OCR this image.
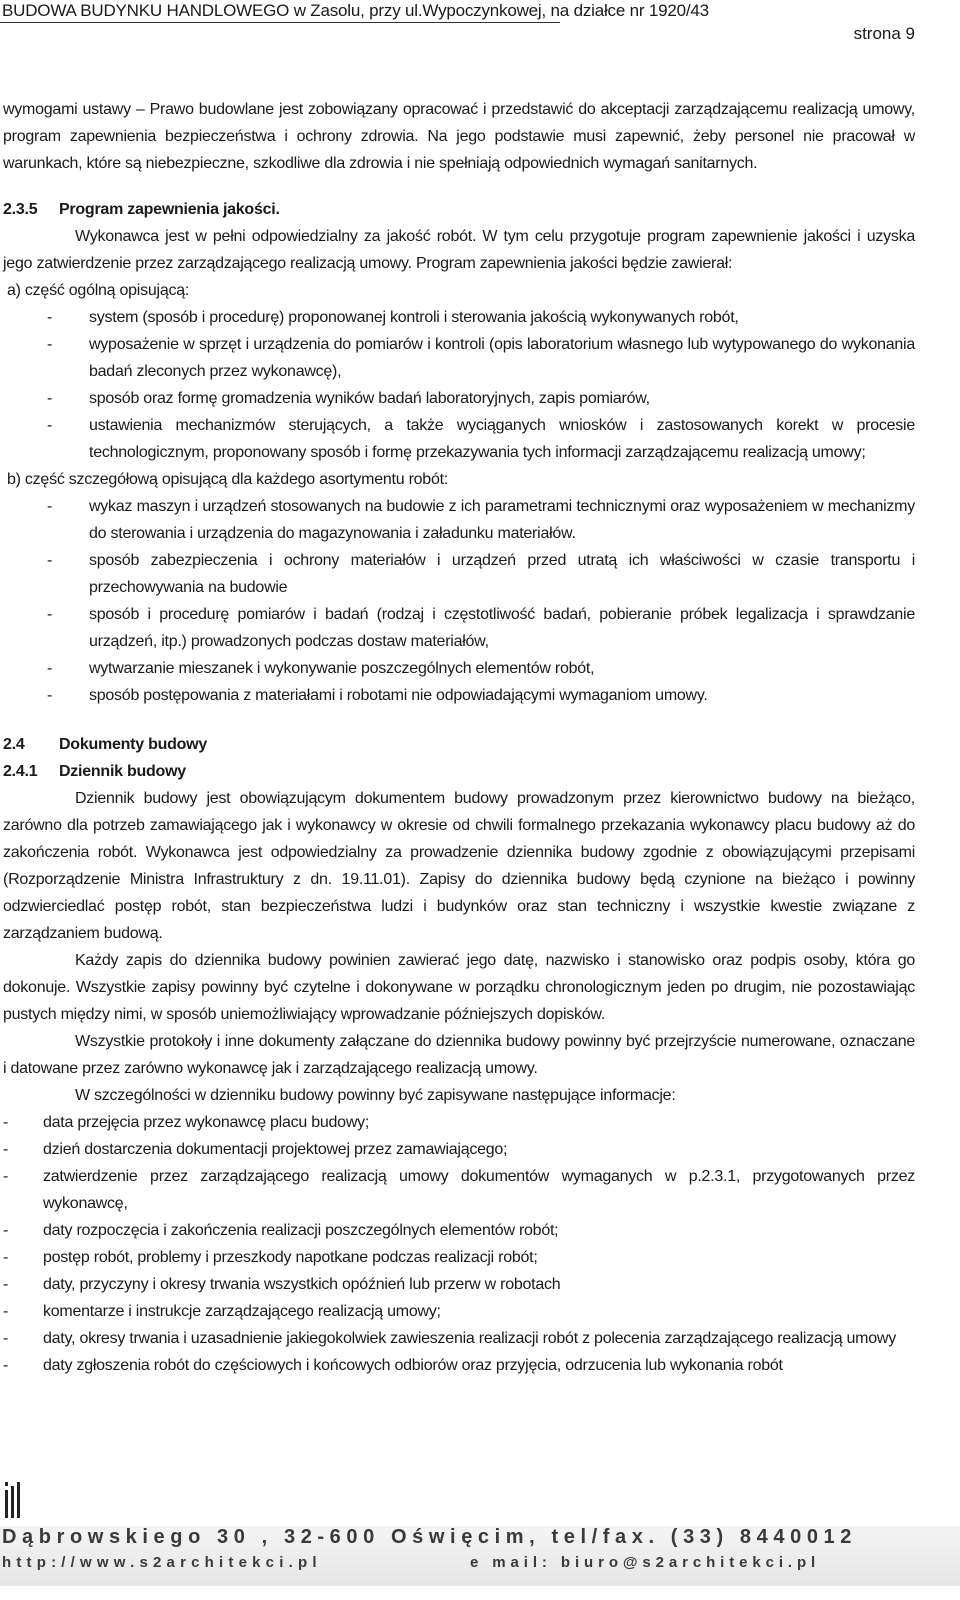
BUDOWA BUDYNKU HANDLOWEGO w Zasolu, przy ul.Wypoczynkowej, na działce nr 1920/43
strona 9

wymogami ustawy – Prawo budowlane jest zobowiązany opracować i przedstawić do akceptacji zarządzającemu realizacją umowy, program zapewnienia bezpieczeństwa i ochrony zdrowia. Na jego podstawie musi zapewnić, żeby personel nie pracował w warunkach, które są niebezpieczne, szkodliwe dla zdrowia i nie spełniają odpowiednich wymagań sanitarnych.

2.3.5 Program zapewnienia jakości.

Wykonawca jest w pełni odpowiedzialny za jakość robót. W tym celu przygotuje program zapewnienie jakości i uzyska jego zatwierdzenie przez zarządzającego realizacją umowy. Program zapewnienia jakości będzie zawierał:

a) część ogólną opisującą:

- system (sposób i procedurę) proponowanej kontroli i sterowania jakością wykonywanych robót,
- wyposażenie w sprzęt i urządzenia do pomiarów i kontroli (opis laboratorium własnego lub wytypowanego do wykonania badań zleconych przez wykonawcę),
- sposób oraz formę gromadzenia wyników badań laboratoryjnych, zapis pomiarów,
- ustawienia mechanizmów sterujących, a także wyciąganych wniosków i zastosowanych korekt w procesie technologicznym, proponowany sposób i formę przekazywania tych informacji zarządzającemu realizacją umowy;

b) część szczegółową opisującą dla każdego asortymentu robót:

- wykaz maszyn i urządzeń stosowanych na budowie z ich parametrami technicznymi oraz wyposażeniem w mechanizmy do sterowania i urządzenia do magazynowania i załadunku materiałów.
- sposób zabezpieczenia i ochrony materiałów i urządzeń przed utratą ich właściwości w czasie transportu i przechowywania na budowie
- sposób i procedurę pomiarów i badań (rodzaj i częstotliwość badań, pobieranie próbek legalizacja i sprawdzanie urządzeń, itp.) prowadzonych podczas dostaw materiałów,
- wytwarzanie mieszanek i wykonywanie poszczególnych elementów robót,
- sposób postępowania z materiałami i robotami nie odpowiadającymi wymaganiom umowy.

2.4 Dokumenty budowy

2.4.1 Dziennik budowy

Dziennik budowy jest obowiązującym dokumentem budowy prowadzonym przez kierownictwo budowy na bieżąco, zarówno dla potrzeb zamawiającego jak i wykonawcy w okresie od chwili formalnego przekazania wykonawcy placu budowy aż do zakończenia robót. Wykonawca jest odpowiedzialny za prowadzenie dziennika budowy zgodnie z obowiązującymi przepisami (Rozporządzenie Ministra Infrastruktury z dn. 19.11.01). Zapisy do dziennika budowy będą czynione na bieżąco i powinny odzwierciedlać postęp robót, stan bezpieczeństwa ludzi i budynków oraz stan techniczny i wszystkie kwestie związane z zarządzaniem budową.

Każdy zapis do dziennika budowy powinien zawierać jego datę, nazwisko i stanowisko oraz podpis osoby, która go dokonuje. Wszystkie zapisy powinny być czytelne i dokonywane w porządku chronologicznym jeden po drugim, nie pozostawiając pustych między nimi, w sposób uniemożliwiający wprowadzanie późniejszych dopisków.

Wszystkie protokoły i inne dokumenty załączane do dziennika budowy powinny być przejrzyście numerowane, oznaczane i datowane przez zarówno wykonawcę jak i zarządzającego realizacją umowy.

W szczególności w dzienniku budowy powinny być zapisywane następujące informacje:

- data przejęcia przez wykonawcę placu budowy;
- dzień dostarczenia dokumentacji projektowej przez zamawiającego;
- zatwierdzenie przez zarządzającego realizacją umowy dokumentów wymaganych w p.2.3.1, przygotowanych przez wykonawcę,
- daty rozpoczęcia i zakończenia realizacji poszczególnych elementów robót;
- postęp robót, problemy i przeszkody napotkane podczas realizacji robót;
- daty, przyczyny i okresy trwania wszystkich opóźnień lub przerw w robotach
- komentarze i instrukcje zarządzającego realizacją umowy;
- daty, okresy trwania i uzasadnienie jakiegokolwiek zawieszenia realizacji robót z polecenia zarządzającego realizacją umowy
- daty zgłoszenia robót do częściowych i końcowych odbiorów oraz przyjęcia, odrzucenia lub wykonania robót
Dąbrowskiego 30 , 32-600 Oświęcim, tel/fax. (33) 8440012
http://www.s2architekci.pl	e mail: biuro@s2architekci.pl
